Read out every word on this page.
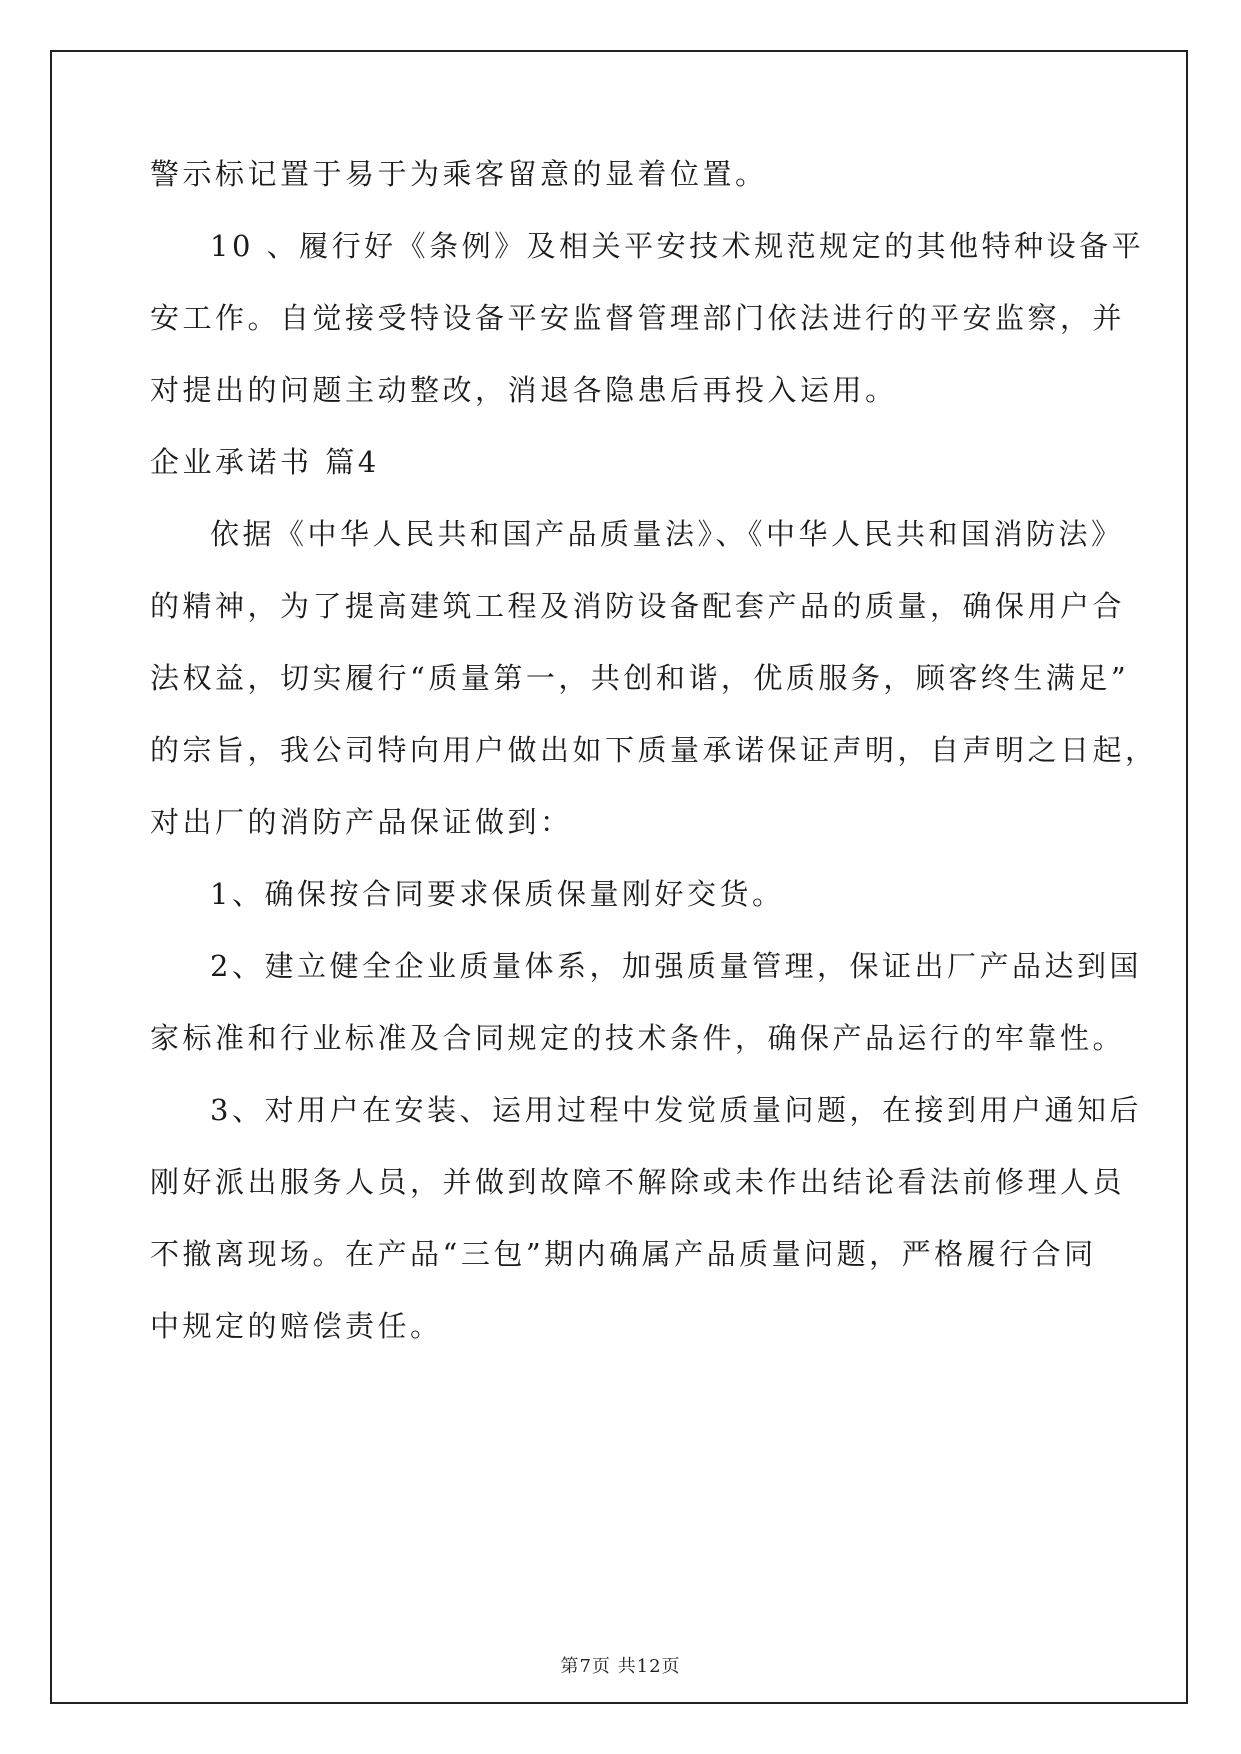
警示标记置于易于为乘客留意的显着位置。
10 、履行好《条例》及相关平安技术规范规定的其他特种设备平
安工作。自觉接受特设备平安监督管理部门依法进行的平安监察，并
对提出的问题主动整改，消退各隐患后再投入运用。
企业承诺书 篇4
依据《中华人民共和国产品质量法》、《中华人民共和国消防法》
的精神，为了提高建筑工程及消防设备配套产品的质量，确保用户合
法权益，切实履行“质量第一，共创和谐，优质服务，顾客终生满足”
的宗旨，我公司特向用户做出如下质量承诺保证声明，自声明之日起，
对出厂的消防产品保证做到：
1、确保按合同要求保质保量刚好交货。
2、建立健全企业质量体系，加强质量管理，保证出厂产品达到国
家标准和行业标准及合同规定的技术条件，确保产品运行的牢靠性。
3、对用户在安装、运用过程中发觉质量问题，在接到用户通知后
刚好派出服务人员，并做到故障不解除或未作出结论看法前修理人员
不撤离现场。在产品“三包”期内确属产品质量问题，严格履行合同
中规定的赔偿责任。
第7页 共12页
